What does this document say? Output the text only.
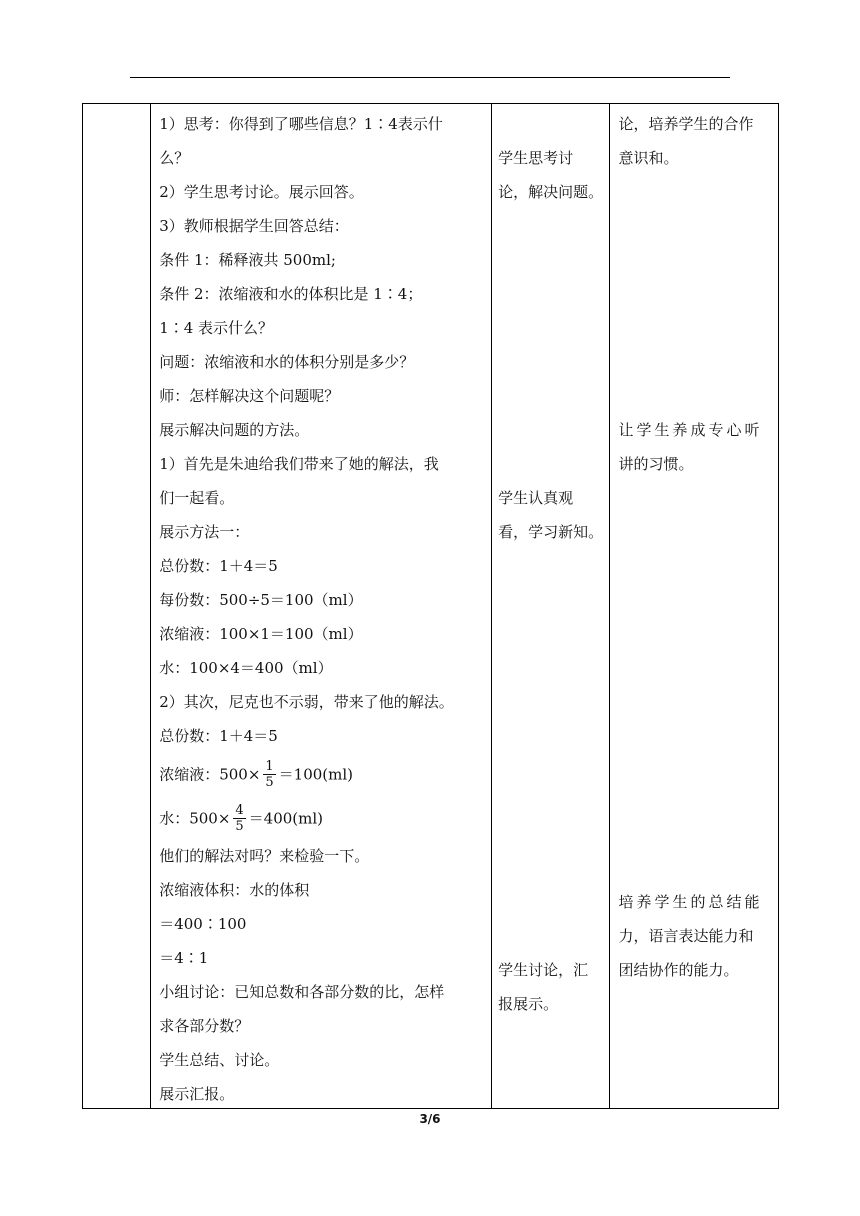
1）思考：你得到了哪些信息？1∶4表示什
么？
2）学生思考讨论。展示回答。
3）教师根据学生回答总结：
条件 1：稀释液共 500ml;
条件 2：浓缩液和水的体积比是 1∶4；
1∶4 表示什么？
问题：浓缩液和水的体积分别是多少？
师：怎样解决这个问题呢？
展示解决问题的方法。
1）首先是朱迪给我们带来了她的解法，我
们一起看。
展示方法一：
总份数：1＋4＝5
每份数：500÷5＝100（ml）
浓缩液：100×1＝100（ml）
水：100×4＝400（ml）
2）其次，尼克也不示弱，带来了他的解法。
总份数：1＋4＝5
浓缩液：$500\times \frac{1}{5} =100(ml)$
水：$500\times \frac{4}{5} =400(ml)$
他们的解法对吗？来检验一下。
浓缩液体积：水的体积
＝400∶100
＝4∶1
小组讨论：已知总数和各部分数的比，怎样
求各部分数？
学生总结、讨论。
展示汇报。

学生思考讨
论，解决问题。
学生认真观
看，学习新知。
学生讨论，汇
报展示。

论，培养学生的合作
意识和。
让学生养成专心听
讲的习惯。
培养学生的总结能
力，语言表达能力和
团结协作的能力。
3/6
